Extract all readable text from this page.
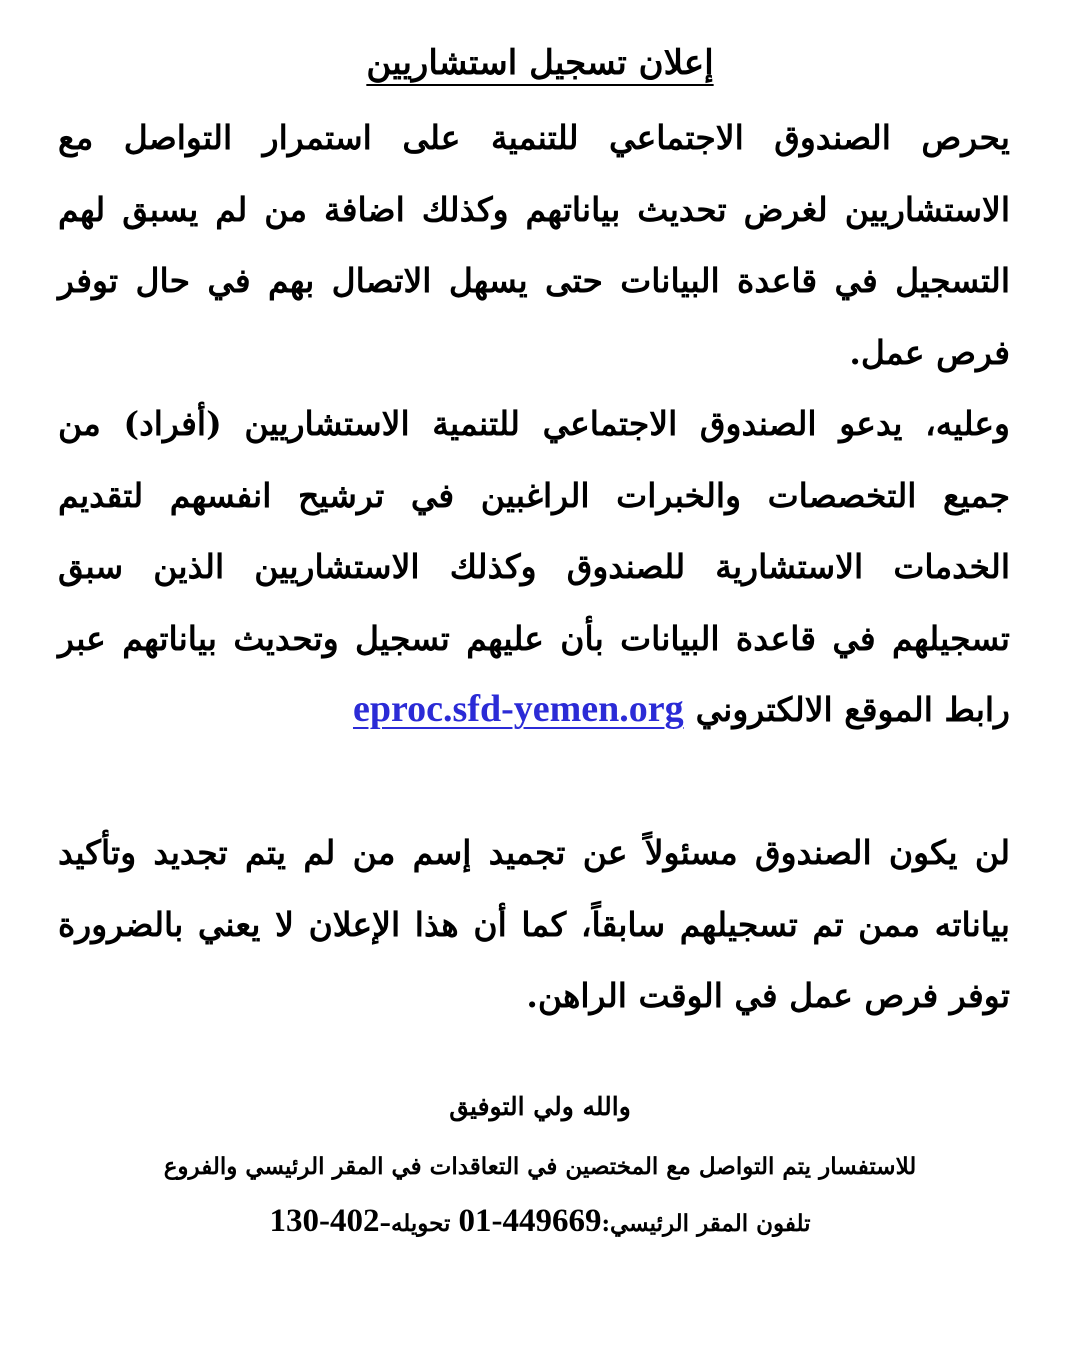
إعلان تسجيل استشاريين
يحرص الصندوق الاجتماعي للتنمية على استمرار التواصل مع الاستشاريين لغرض تحديث بياناتهم وكذلك اضافة من لم يسبق لهم التسجيل في قاعدة البيانات حتى يسهل الاتصال بهم في حال توفر فرص عمل.
وعليه، يدعو الصندوق الاجتماعي للتنمية الاستشاريين (أفراد) من جميع التخصصات والخبرات الراغبين في ترشيح انفسهم لتقديم الخدمات الاستشارية للصندوق وكذلك الاستشاريين الذين سبق تسجيلهم في قاعدة البيانات بأن عليهم تسجيل وتحديث بياناتهم عبر رابط الموقع الالكترونيeproc.sfd-yemen.org
لن يكون الصندوق مسئولاً عن تجميد إسم من لم يتم تجديد وتأكيد بياناته ممن تم تسجيلهم سابقاً، كما أن هذا الإعلان لا يعني بالضرورة توفر فرص عمل في الوقت الراهن.
والله ولي التوفيق
للاستفسار يتم التواصل مع المختصين في التعاقدات في المقر الرئيسي والفروع
تلفون المقر الرئيسي:01-449669 تحويله–130-402
